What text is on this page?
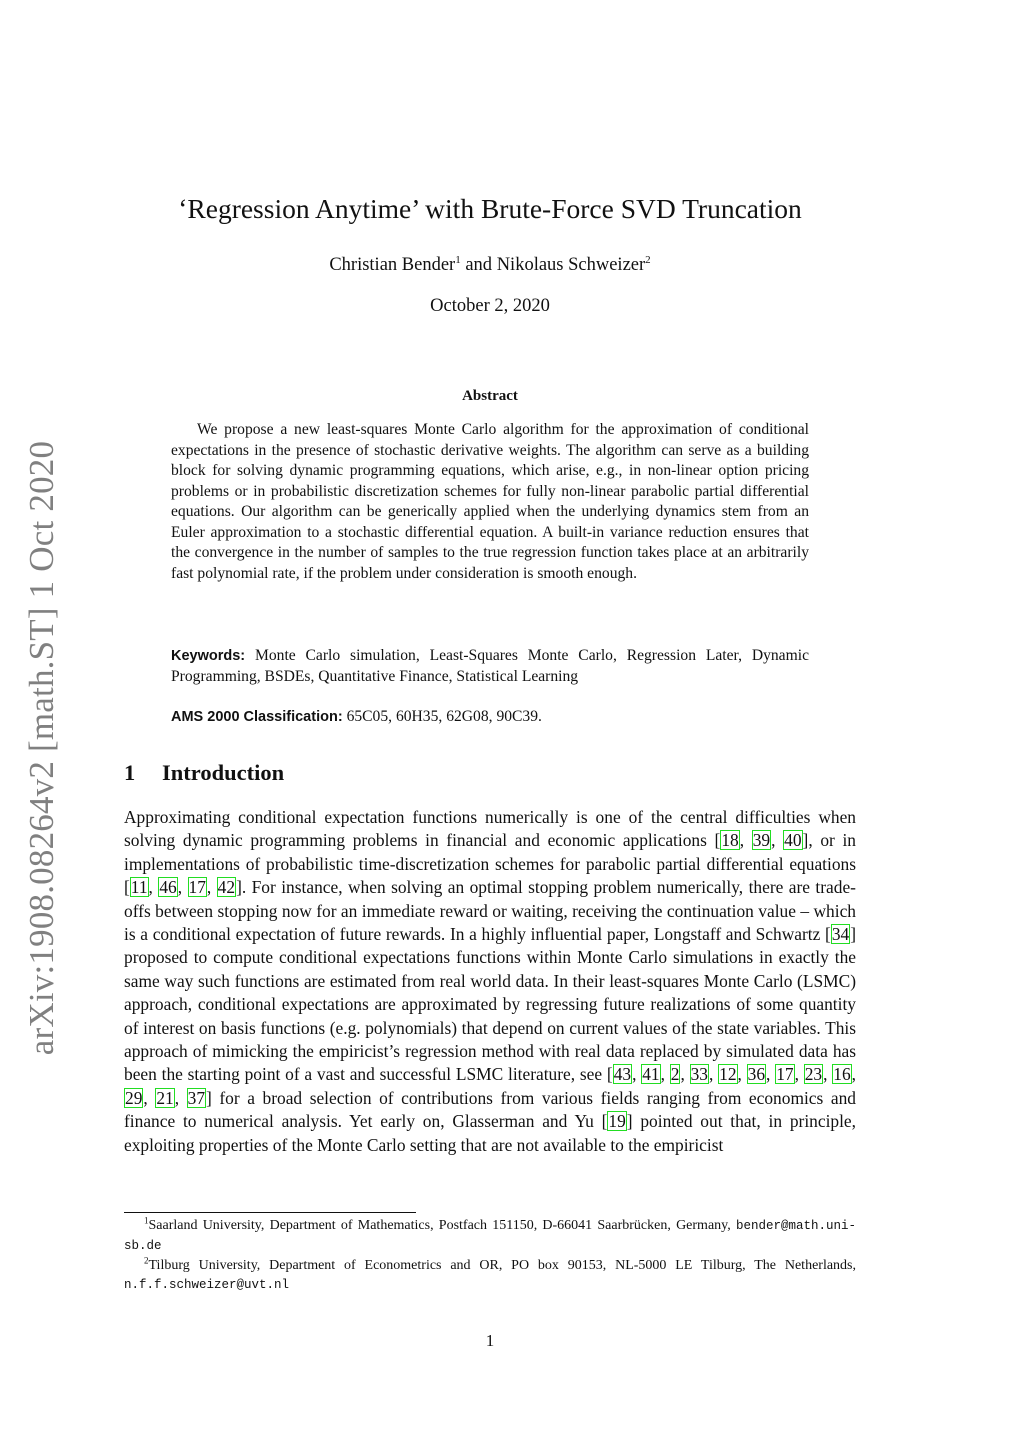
arXiv:1908.08264v2 [math.ST] 1 Oct 2020
‘Regression Anytime’ with Brute-Force SVD Truncation
Christian Bender$^1$ and Nikolaus Schweizer$^2$
October 2, 2020
Abstract
We propose a new least-squares Monte Carlo algorithm for the approximation of conditional expectations in the presence of stochastic derivative weights. The algorithm can serve as a building block for solving dynamic programming equations, which arise, e.g., in non-linear option pricing problems or in probabilistic discretization schemes for fully non-linear parabolic partial differential equations. Our algorithm can be generically applied when the underlying dynamics stem from an Euler approximation to a stochastic differential equation. A built-in variance reduction ensures that the convergence in the number of samples to the true regression function takes place at an arbitrarily fast polynomial rate, if the problem under consideration is smooth enough.
Keywords: Monte Carlo simulation, Least-Squares Monte Carlo, Regression Later, Dynamic Programming, BSDEs, Quantitative Finance, Statistical Learning
AMS 2000 Classification: 65C05, 60H35, 62G08, 90C39.
1 Introduction
Approximating conditional expectation functions numerically is one of the central difficulties when solving dynamic programming problems in financial and economic applications [18, 39, 40], or in implementations of probabilistic time-discretization schemes for parabolic partial differential equations [11, 46, 17, 42]. For instance, when solving an optimal stopping problem numerically, there are trade-offs between stopping now for an immediate reward or waiting, receiving the continuation value – which is a conditional expectation of future rewards. In a highly influential paper, Longstaff and Schwartz [34] proposed to compute conditional expectations functions within Monte Carlo simulations in exactly the same way such functions are estimated from real world data. In their least-squares Monte Carlo (LSMC) approach, conditional expectations are approximated by regressing future realizations of some quantity of interest on basis functions (e.g. polynomials) that depend on current values of the state variables. This approach of mimicking the empiricist’s regression method with real data replaced by simulated data has been the starting point of a vast and successful LSMC literature, see [43, 41, 2, 33, 12, 36, 17, 23, 16, 29, 21, 37] for a broad selection of contributions from various fields ranging from economics and finance to numerical analysis. Yet early on, Glasserman and Yu [19] pointed out that, in principle, exploiting properties of the Monte Carlo setting that are not available to the empiricist

$^1$Saarland University, Department of Mathematics, Postfach 151150, D-66041 Saarbrücken, Germany, bender@math.uni-sb.de

$^2$Tilburg University, Department of Econometrics and OR, PO box 90153, NL-5000 LE Tilburg, The Netherlands, n.f.f.schweizer@uvt.nl

1
